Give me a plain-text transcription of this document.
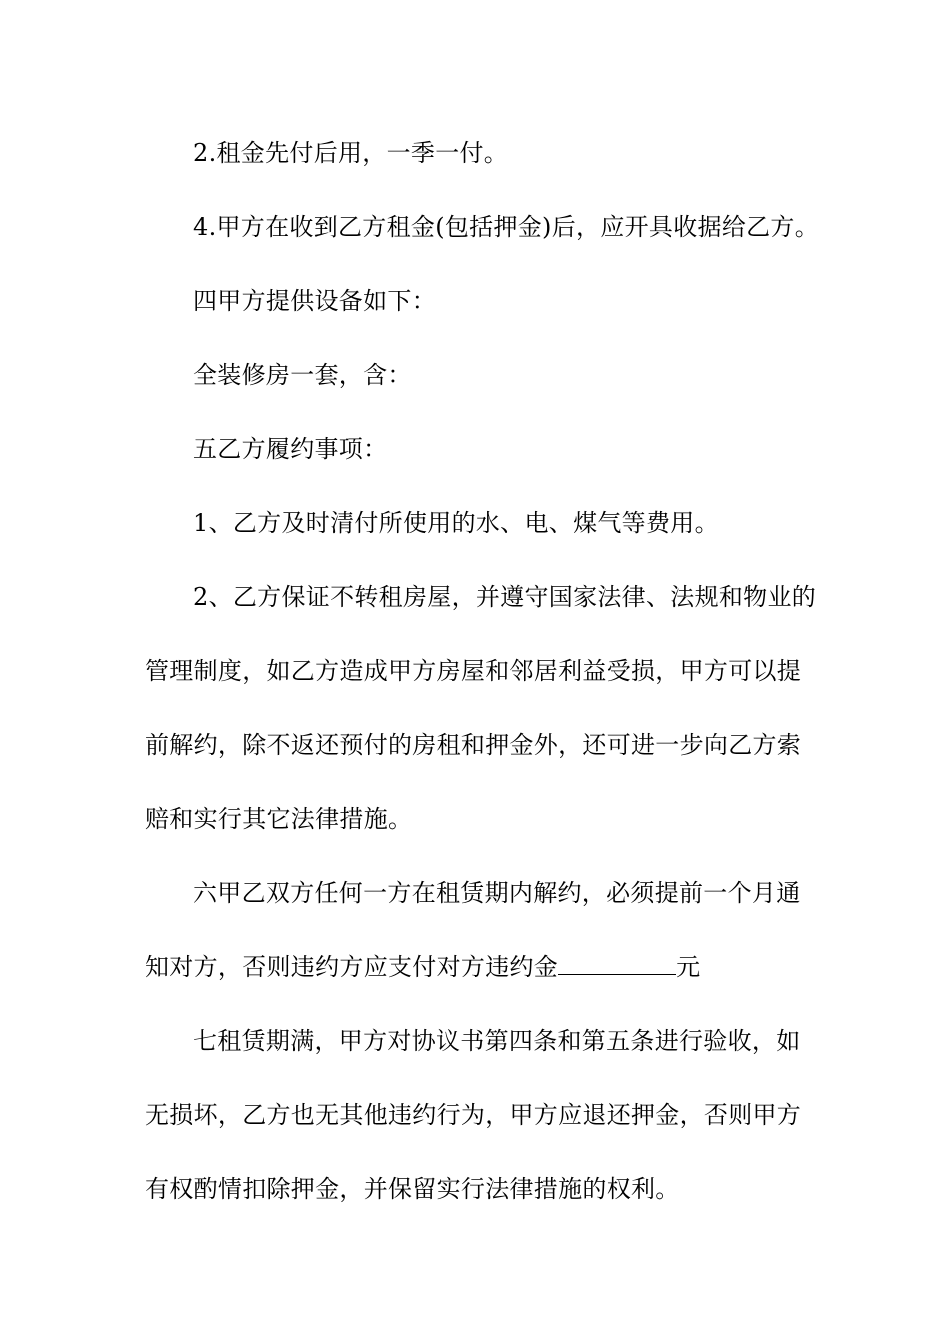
2.租金先付后用，一季一付。
4.甲方在收到乙方租金(包括押金)后，应开具收据给乙方。
四甲方提供设备如下：
全装修房一套，含：
五乙方履约事项：
1、乙方及时清付所使用的水、电、煤气等费用。
2、乙方保证不转租房屋，并遵守国家法律、法规和物业的
管理制度，如乙方造成甲方房屋和邻居利益受损，甲方可以提
前解约，除不返还预付的房租和押金外，还可进一步向乙方索
赔和实行其它法律措施。
六甲乙双方任何一方在租赁期内解约，必须提前一个月通
知对方，否则违约方应支付对方违约金	元
七租赁期满，甲方对协议书第四条和第五条进行验收，如
无损坏，乙方也无其他违约行为，甲方应退还押金，否则甲方
有权酌情扣除押金，并保留实行法律措施的权利。
